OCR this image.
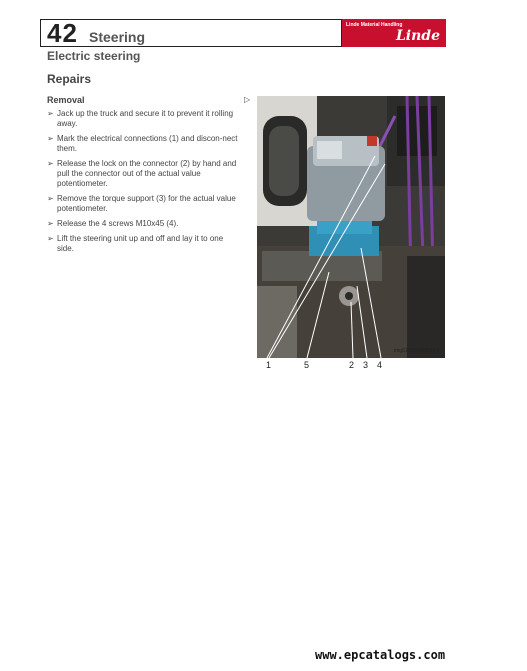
42 Steering
Linde Material Handling
Linde
Electric steering
Repairs
Removal	▷
➢ Jack up the truck and secure it to prevent it rolling away.
➢ Mark the electrical connections (1) and discon-nect them.
➢ Release the lock on the connector (2) by hand and pull the connector out of the actual value potentiometer.
➢ Remove the torque support (3) for the actual value potentiometer.
➢ Release the 4 screws M10x45 (4).
➢ Lift the steering unit up and off and lay it to one side.
img61200440001m2
1	5	2 3 4
www.epcatalogs.com
